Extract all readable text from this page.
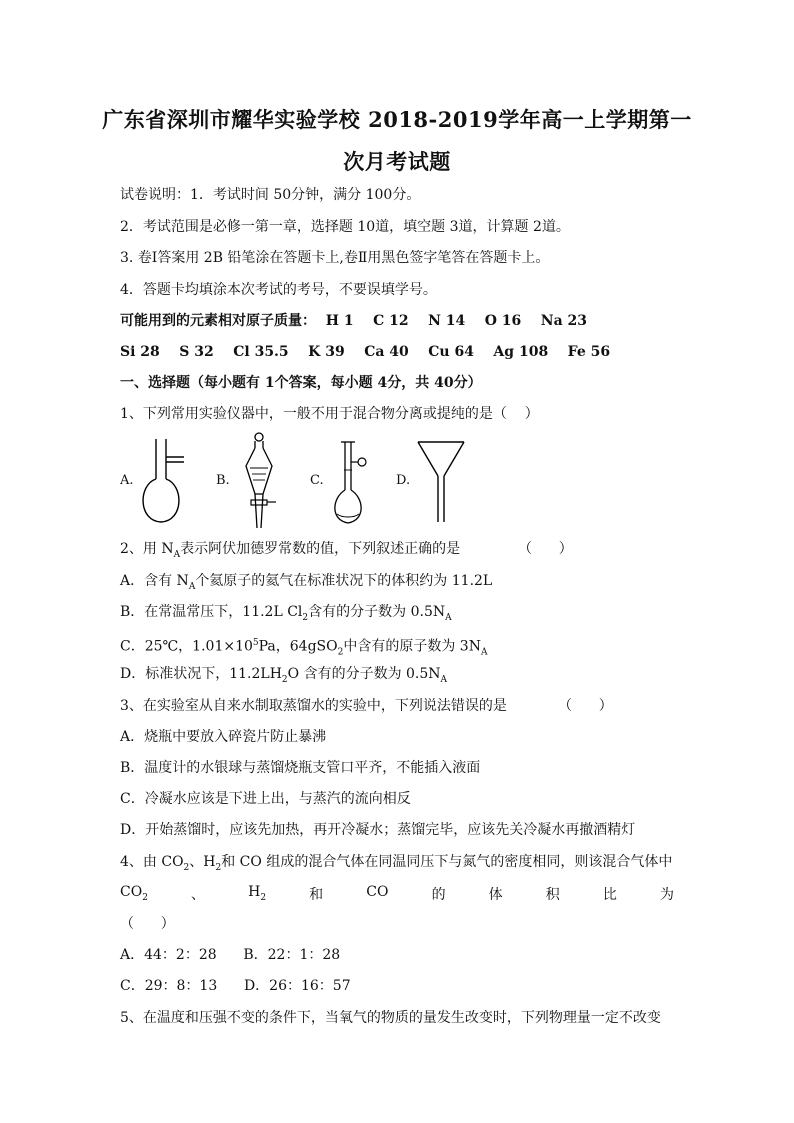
广东省深圳市耀华实验学校 2018-2019学年高一上学期第一
次月考试题
试卷说明：1．考试时间 50分钟，满分 100分。
2．考试范围是必修一第一章，选择题 10道，填空题 3道，计算题 2道。
3. 卷Ⅰ答案用 2B 铅笔涂在答题卡上,卷Ⅱ用黑色签字笔答在答题卡上。
4．答题卡均填涂本次考试的考号，不要误填学号。
可能用到的元素相对原子质量：  H 1    C 12    N 14    O 16    Na 23
Si 28    S 32    Cl 35.5    K 39    Ca 40    Cu 64    Ag 108    Fe 56
一、选择题（每小题有 1个答案，每小题 4分，共 40分）
1、下列常用实验仪器中，一般不用于混合物分离或提纯的是（    ）
A.	B.	C.	D.
2、用 $N_A$表示阿伏加德罗常数的值，下列叙述正确的是	（      ）
A．含有 $N_A$个氦原子的氦气在标准状况下的体积约为 11.2L
B．在常温常压下，11.2L $Cl_2$含有的分子数为 $0.5N_A$
C．25℃，$1.01\times 10^5Pa$，64gSO$_2$中含有的原子数为 $3N_A$
D．标准状况下，$11.2LH_2O$ 含有的分子数为 $0.5N_A$
3、在实验室从自来水制取蒸馏水的实验中，下列说法错误的是	（      ）
A．烧瓶中要放入碎瓷片防止暴沸
B．温度计的水银球与蒸馏烧瓶支管口平齐，不能插入液面
C．冷凝水应该是下进上出，与蒸汽的流向相反
D．开始蒸馏时，应该先加热，再开冷凝水；蒸馏完毕，应该先关冷凝水再撤酒精灯
4、由 $CO_2$、$H_2$和 CO 组成的混合气体在同温同压下与氮气的密度相同，则该混合气体中
$CO_2$	、	$H_2$	和	CO	的	体	积	比	为
（      ）
A．44：2：28      B．22：1：28
C．29：8：13      D．26：16：57
5、在温度和压强不变的条件下，当氧气的物质的量发生改变时，下列物理量一定不改变
